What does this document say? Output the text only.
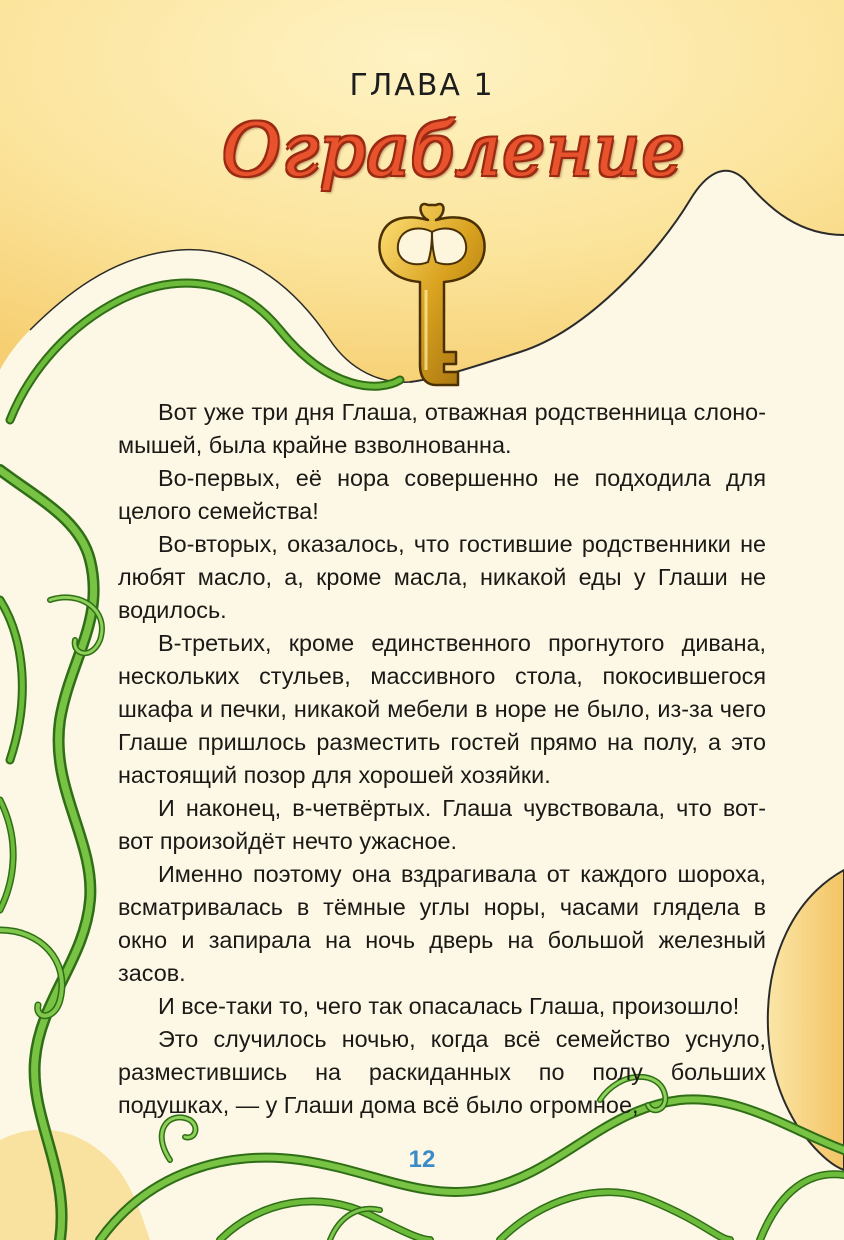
ГЛАВА 1
Ограбление

Вот уже три дня Глаша, отважная родственница слоно-мышей, была крайне взволнованна.

Во-первых, её нора совершенно не подходила для целого семейства!

Во-вторых, оказалось, что гостившие родственники не любят масло, а, кроме масла, никакой еды у Глаши не водилось.

В-третьих, кроме единственного прогнутого дивана, нескольких стульев, массивного стола, покосившегося шкафа и печки, никакой мебели в норе не было, из-за чего Глаше пришлось разместить гостей прямо на полу, а это настоящий позор для хорошей хозяйки.

И наконец, в-четвёртых. Глаша чувствовала, что вот-вот произойдёт нечто ужасное.

Именно поэтому она вздрагивала от каждого шороха, всматривалась в тёмные углы норы, часами глядела в окно и запирала на ночь дверь на большой железный засов.

И все-таки то, чего так опасалась Глаша, произошло!

Это случилось ночью, когда всё семейство уснуло, разместившись на раскиданных по полу больших подушках, — у Глаши дома всё было огромное,

12
